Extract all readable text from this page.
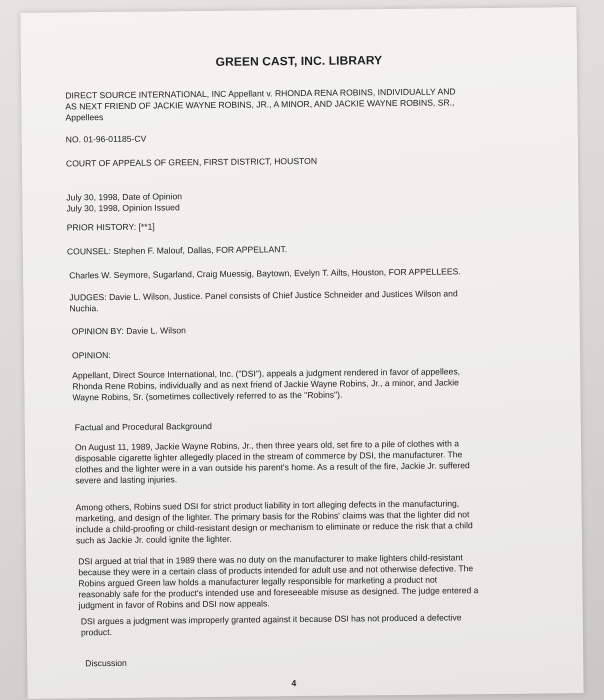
GREEN CAST, INC. LIBRARY
DIRECT SOURCE INTERNATIONAL, INC Appellant v. RHONDA RENA ROBINS, INDIVIDUALLY AND
AS NEXT FRIEND OF JACKIE WAYNE ROBINS, JR., A MINOR, AND JACKIE WAYNE ROBINS, SR.,
Appellees
NO. 01-96-01185-CV
COURT OF APPEALS OF GREEN, FIRST DISTRICT, HOUSTON
July 30, 1998, Date of Opinion
July 30, 1998, Opinion Issued
PRIOR HISTORY: [**1]
COUNSEL: Stephen F. Malouf, Dallas, FOR APPELLANT.
Charles W. Seymore, Sugarland, Craig Muessig, Baytown, Evelyn T. Ailts, Houston, FOR APPELLEES.
JUDGES: Davie L. Wilson, Justice. Panel consists of Chief Justice Schneider and Justices Wilson and
Nuchia.
OPINION BY: Davie L. Wilson
OPINION:
Appellant, Direct Source International, Inc. ("DSI"), appeals a judgment rendered in favor of appellees,
Rhonda Rene Robins, individually and as next friend of Jackie Wayne Robins, Jr., a minor, and Jackie
Wayne Robins, Sr. (sometimes collectively referred to as the "Robins").
Factual and Procedural Background
On August 11, 1989, Jackie Wayne Robins, Jr., then three years old, set fire to a pile of clothes with a
disposable cigarette lighter allegedly placed in the stream of commerce by DSI, the manufacturer. The
clothes and the lighter were in a van outside his parent's home. As a result of the fire, Jackie Jr. suffered
severe and lasting injuries.
Among others, Robins sued DSI for strict product liability in tort alleging defects in the manufacturing,
marketing, and design of the lighter. The primary basis for the Robins' claims was that the lighter did not
include a child-proofing or child-resistant design or mechanism to eliminate or reduce the risk that a child
such as Jackie Jr. could ignite the lighter.
DSI argued at trial that in 1989 there was no duty on the manufacturer to make lighters child-resistant
because they were in a certain class of products intended for adult use and not otherwise defective. The
Robins argued Green law holds a manufacturer legally responsible for marketing a product not
reasonably safe for the product's intended use and foreseeable misuse as designed. The judge entered a
judgment in favor of Robins and DSI now appeals.
DSI argues a judgment was improperly granted against it because DSI has not produced a defective
product.
Discussion
4
